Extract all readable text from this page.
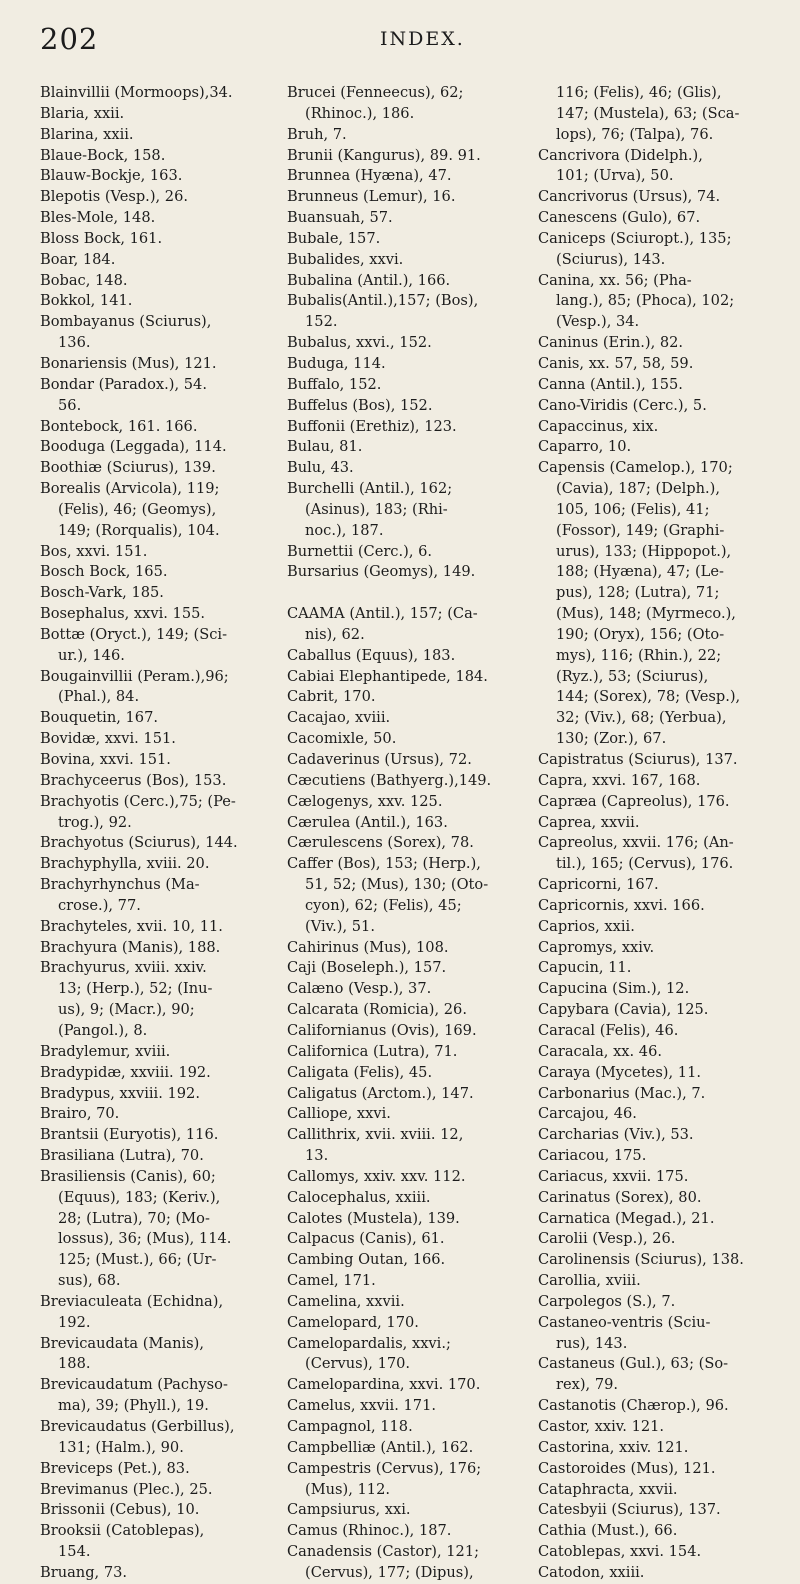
202	INDEX.
Blainvillii (Mormoops),34.
Blaria, xxii.
Blarina, xxii.
Blaue-Bock, 158.
Blauw-Bockje, 163.
Blepotis (Vesp.), 26.
Bles-Mole, 148.
Bloss Bock, 161.
Boar, 184.
Bobac, 148.
Bokkol, 141.
Bombayanus (Sciurus),
136.
Bonariensis (Mus), 121.
Bondar (Paradox.), 54.
56.
Bontebock, 161. 166.
Booduga (Leggada), 114.
Boothiæ (Sciurus), 139.
Borealis (Arvicola), 119;
(Felis), 46; (Geomys),
149; (Rorqualis), 104.
Bos, xxvi. 151.
Bosch Bock, 165.
Bosch-Vark, 185.
Bosephalus, xxvi. 155.
Bottæ (Oryct.), 149; (Sci-
ur.), 146.
Bougainvillii (Peram.),96;
(Phal.), 84.
Bouquetin, 167.
Bovidæ, xxvi. 151.
Bovina, xxvi. 151.
Brachyceerus (Bos), 153.
Brachyotis (Cerc.),75; (Pe-
trog.), 92.
Brachyotus (Sciurus), 144.
Brachyphylla, xviii. 20.
Brachyrhynchus (Ma-
crose.), 77.
Brachyteles, xvii. 10, 11.
Brachyura (Manis), 188.
Brachyurus, xviii. xxiv.
13; (Herp.), 52; (Inu-
us), 9; (Macr.), 90;
(Pangol.), 8.
Bradylemur, xviii.
Bradypidæ, xxviii. 192.
Bradypus, xxviii. 192.
Brairo, 70.
Brantsii (Euryotis), 116.
Brasiliana (Lutra), 70.
Brasiliensis (Canis), 60;
(Equus), 183; (Keriv.),
28; (Lutra), 70; (Mo-
lossus), 36; (Mus), 114.
125; (Must.), 66; (Ur-
sus), 68.
Breviaculeata (Echidna),
192.
Brevicaudata (Manis),
188.
Brevicaudatum (Pachyso-
ma), 39; (Phyll.), 19.
Brevicaudatus (Gerbillus),
131; (Halm.), 90.
Breviceps (Pet.), 83.
Brevimanus (Plec.), 25.
Brissonii (Cebus), 10.
Brooksii (Catoblepas),
154.
Bruang, 73.
Brucei (Fenneecus), 62;
(Rhinoc.), 186.
Bruh, 7.
Brunii (Kangurus), 89. 91.
Brunnea (Hyæna), 47.
Brunneus (Lemur), 16.
Buansuah, 57.
Bubale, 157.
Bubalides, xxvi.
Bubalina (Antil.), 166.
Bubalis(Antil.),157; (Bos),
152.
Bubalus, xxvi., 152.
Buduga, 114.
Buffalo, 152.
Buffelus (Bos), 152.
Buffonii (Erethiz), 123.
Bulau, 81.
Bulu, 43.
Burchelli (Antil.), 162;
(Asinus), 183; (Rhi-
noc.), 187.
Burnettii (Cerc.), 6.
Bursarius (Geomys), 149.
CAAMA (Antil.), 157; (Ca-
nis), 62.
Caballus (Equus), 183.
Cabiai Elephantipede, 184.
Cabrit, 170.
Cacajao, xviii.
Cacomixle, 50.
Cadaverinus (Ursus), 72.
Cæcutiens (Bathyerg.),149.
Cælogenys, xxv. 125.
Cærulea (Antil.), 163.
Cærulescens (Sorex), 78.
Caffer (Bos), 153; (Herp.),
51, 52; (Mus), 130; (Oto-
cyon), 62; (Felis), 45;
(Viv.), 51.
Cahirinus (Mus), 108.
Caji (Boseleph.), 157.
Calæno (Vesp.), 37.
Calcarata (Romicia), 26.
Californianus (Ovis), 169.
Californica (Lutra), 71.
Caligata (Felis), 45.
Caligatus (Arctom.), 147.
Calliope, xxvi.
Callithrix, xvii. xviii. 12,
13.
Callomys, xxiv. xxv. 112.
Calocephalus, xxiii.
Calotes (Mustela), 139.
Calpacus (Canis), 61.
Cambing Outan, 166.
Camel, 171.
Camelina, xxvii.
Camelopard, 170.
Camelopardalis, xxvi.;
(Cervus), 170.
Camelopardina, xxvi. 170.
Camelus, xxvii. 171.
Campagnol, 118.
Campbelliæ (Antil.), 162.
Campestris (Cervus), 176;
(Mus), 112.
Campsiurus, xxi.
Camus (Rhinoc.), 187.
Canadensis (Castor), 121;
(Cervus), 177; (Dipus),
116; (Felis), 46; (Glis),
147; (Mustela), 63; (Sca-
lops), 76; (Talpa), 76.
Cancrivora (Didelph.),
101; (Urva), 50.
Cancrivorus (Ursus), 74.
Canescens (Gulo), 67.
Caniceps (Sciuropt.), 135;
(Sciurus), 143.
Canina, xx. 56; (Pha-
lang.), 85; (Phoca), 102;
(Vesp.), 34.
Caninus (Erin.), 82.
Canis, xx. 57, 58, 59.
Canna (Antil.), 155.
Cano-Viridis (Cerc.), 5.
Capaccinus, xix.
Caparro, 10.
Capensis (Camelop.), 170;
(Cavia), 187; (Delph.),
105, 106; (Felis), 41;
(Fossor), 149; (Graphi-
urus), 133; (Hippopot.),
188; (Hyæna), 47; (Le-
pus), 128; (Lutra), 71;
(Mus), 148; (Myrmeco.),
190; (Oryx), 156; (Oto-
mys), 116; (Rhin.), 22;
(Ryz.), 53; (Sciurus),
144; (Sorex), 78; (Vesp.),
32; (Viv.), 68; (Yerbua),
130; (Zor.), 67.
Capistratus (Sciurus), 137.
Capra, xxvi. 167, 168.
Capræa (Capreolus), 176.
Caprea, xxvii.
Capreolus, xxvii. 176; (An-
til.), 165; (Cervus), 176.
Capricorni, 167.
Capricornis, xxvi. 166.
Caprios, xxii.
Capromys, xxiv.
Capucin, 11.
Capucina (Sim.), 12.
Capybara (Cavia), 125.
Caracal (Felis), 46.
Caracala, xx. 46.
Caraya (Mycetes), 11.
Carbonarius (Mac.), 7.
Carcajou, 46.
Carcharias (Viv.), 53.
Cariacou, 175.
Cariacus, xxvii. 175.
Carinatus (Sorex), 80.
Carnatica (Megad.), 21.
Carolii (Vesp.), 26.
Carolinensis (Sciurus), 138.
Carollia, xviii.
Carpolegos (S.), 7.
Castaneo-ventris (Sciu-
rus), 143.
Castaneus (Gul.), 63; (So-
rex), 79.
Castanotis (Chærop.), 96.
Castor, xxiv. 121.
Castorina, xxiv. 121.
Castoroides (Mus), 121.
Cataphracta, xxvii.
Catesbyii (Sciurus), 137.
Cathia (Must.), 66.
Catoblepas, xxvi. 154.
Catodon, xxiii.
